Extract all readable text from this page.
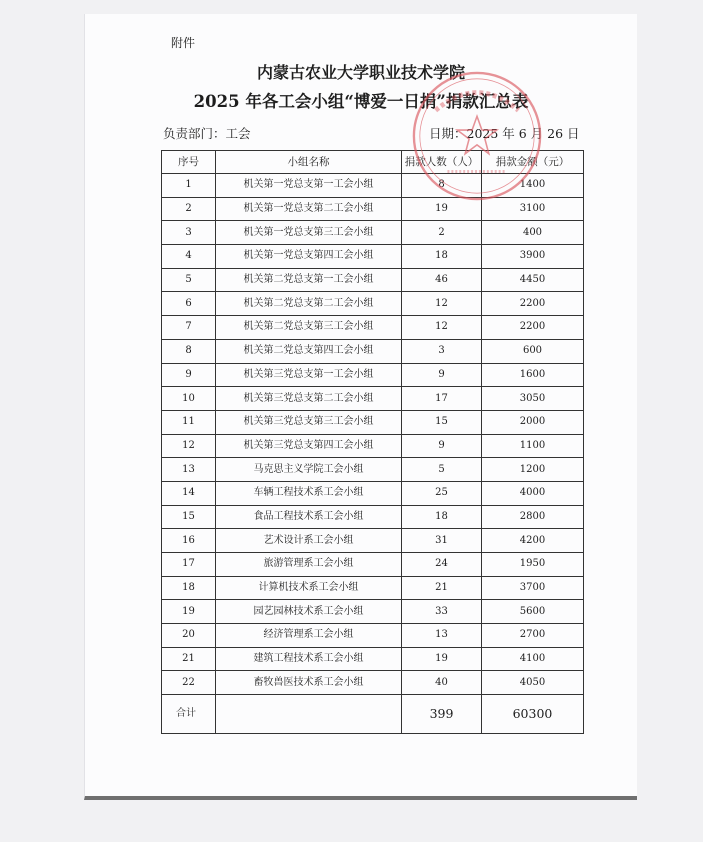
附件
内蒙古农业大学职业技术学院
2025 年各工会小组“博爱一日捐”捐款汇总表
负责部门：工会	日期：2025 年 6 月 26 日
序号	小组名称	捐款人数（人）	捐款金额（元）
1	机关第一党总支第一工会小组	8	1400
2	机关第一党总支第二工会小组	19	3100
3	机关第一党总支第三工会小组	2	400
4	机关第一党总支第四工会小组	18	3900
5	机关第二党总支第一工会小组	46	4450
6	机关第二党总支第二工会小组	12	2200
7	机关第二党总支第三工会小组	12	2200
8	机关第二党总支第四工会小组	3	600
9	机关第三党总支第一工会小组	9	1600
10	机关第三党总支第二工会小组	17	3050
11	机关第三党总支第三工会小组	15	2000
12	机关第三党总支第四工会小组	9	1100
13	马克思主义学院工会小组	5	1200
14	车辆工程技术系工会小组	25	4000
15	食品工程技术系工会小组	18	2800
16	艺术设计系工会小组	31	4200
17	旅游管理系工会小组	24	1950
18	计算机技术系工会小组	21	3700
19	园艺园林技术系工会小组	33	5600
20	经济管理系工会小组	13	2700
21	建筑工程技术系工会小组	19	4100
22	畜牧兽医技术系工会小组	40	4050
合计		399	60300
